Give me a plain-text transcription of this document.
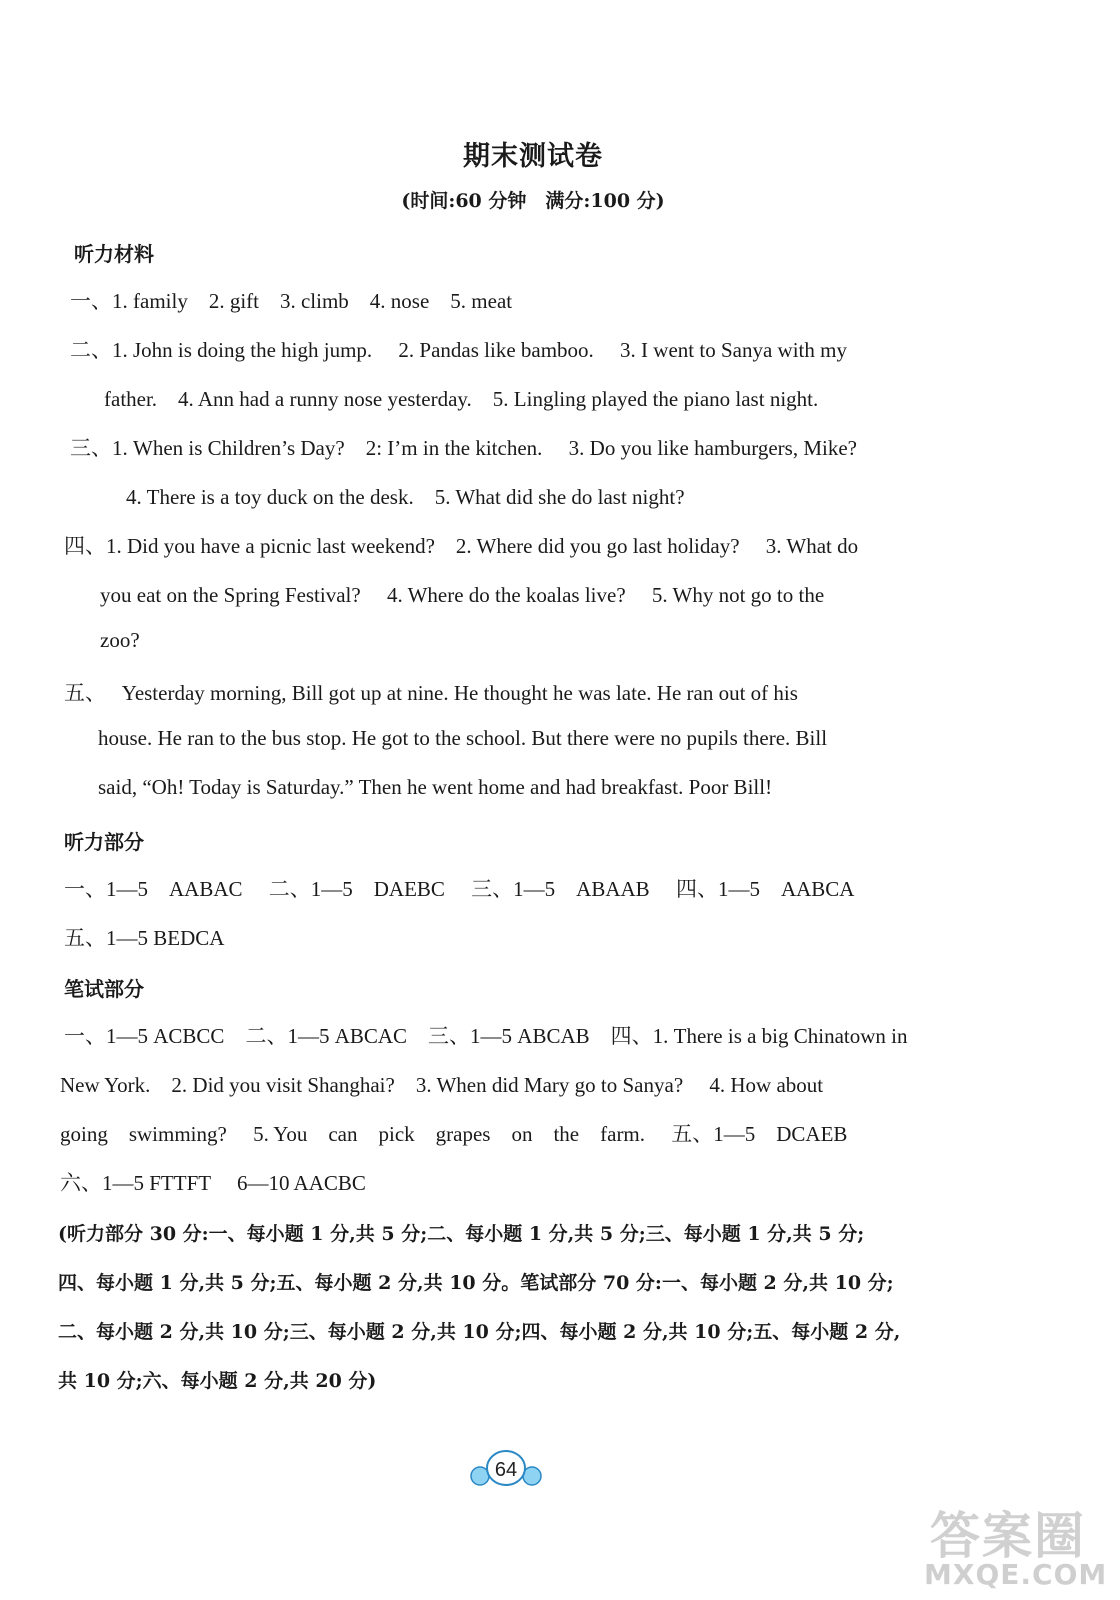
期末测试卷
(时间:60 分钟　满分:100 分)
听力材料
一、1. family　2. gift　3. climb　4. nose　5. meat
二、1. John is doing the high jump.　 2. Pandas like bamboo.　 3. I went to Sanya with my
father.　4. Ann had a runny nose yesterday.　5. Lingling played the piano last night.
三、1. When is Children’s Day?　2: I’m in the kitchen.　 3. Do you like hamburgers, Mike?
4. There is a toy duck on the desk.　5. What did she do last night?
四、1. Did you have a picnic last weekend?　2. Where did you go last holiday?　 3. What do
you eat on the Spring Festival?　 4. Where do the koalas live?　 5. Why not go to the
zoo?
五、　 Yesterday morning, Bill got up at nine. He thought he was late. He ran out of his
house. He ran to the bus stop. He got to the school. But there were no pupils there. Bill
said, “Oh! Today is Saturday.” Then he went home and had breakfast. Poor Bill!
听力部分
一、1—5　AABAC　 二、1—5　DAEBC　 三、1—5　ABAAB　 四、1—5　AABCA
五、1—5 BEDCA
笔试部分
一、1—5 ACBCC　二、1—5 ABCAC　三、1—5 ABCAB　四、1. There is a big Chinatown in
New York.　2. Did you visit Shanghai?　3. When did Mary go to Sanya?　 4. How about
going　swimming?　 5. You　can　pick　grapes　on　the　farm.　 五、1—5　DCAEB
六、1—5 FTTFT　 6—10 AACBC
(听力部分 30 分:一、每小题 1 分,共 5 分;二、每小题 1 分,共 5 分;三、每小题 1 分,共 5 分;
四、每小题 1 分,共 5 分;五、每小题 2 分,共 10 分。笔试部分 70 分:一、每小题 2 分,共 10 分;
二、每小题 2 分,共 10 分;三、每小题 2 分,共 10 分;四、每小题 2 分,共 10 分;五、每小题 2 分,
共 10 分;六、每小题 2 分,共 20 分)
64
答案圈
MXQE.COM
